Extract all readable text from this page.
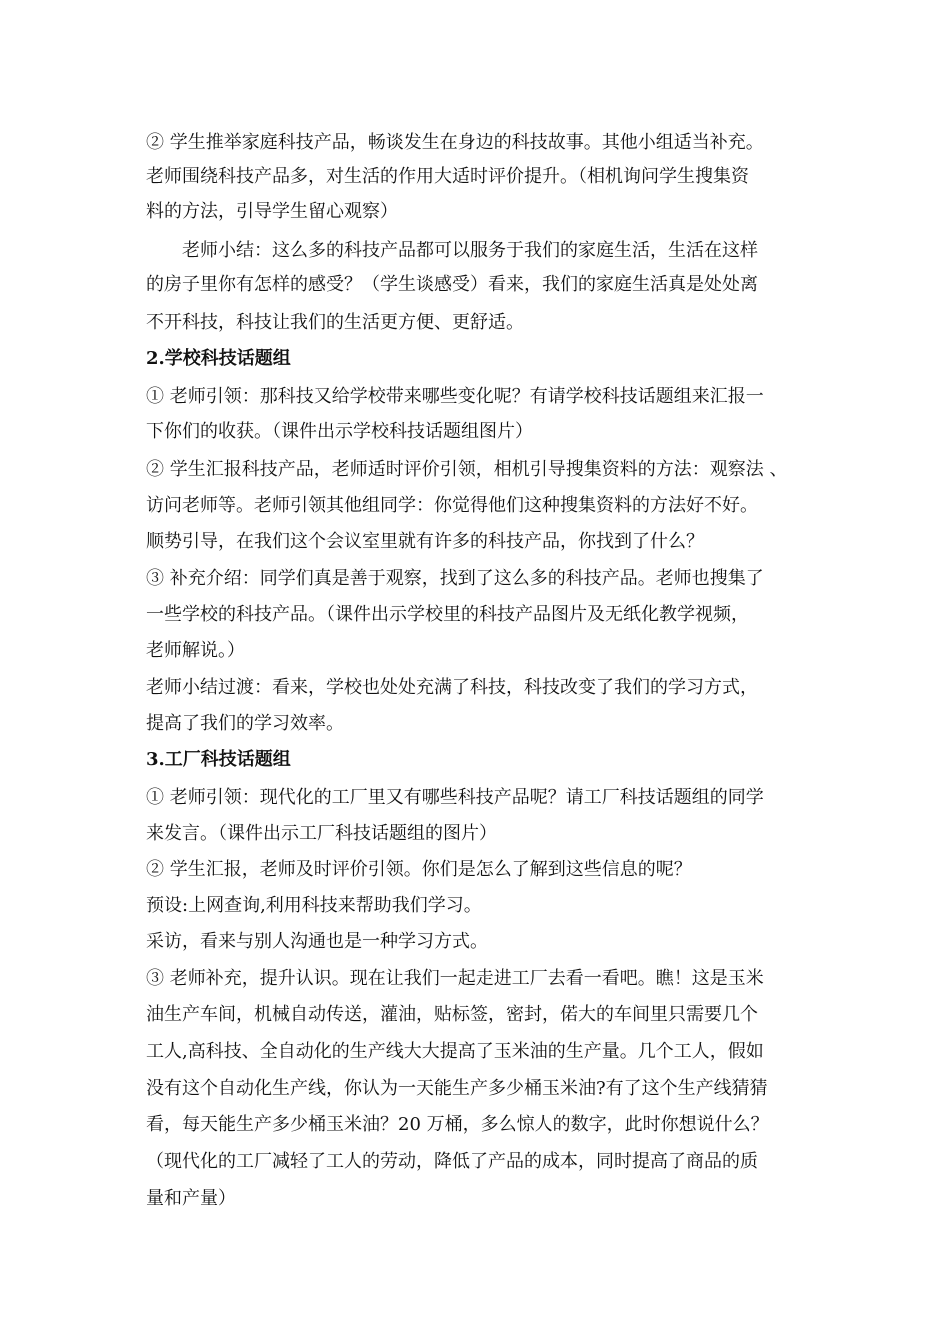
② 学生推举家庭科技产品，畅谈发生在身边的科技故事。其他小组适当补充。
老师围绕科技产品多，对生活的作用大适时评价提升。（相机询问学生搜集资
料的方法，引导学生留心观察）
　　老师小结：这么多的科技产品都可以服务于我们的家庭生活，生活在这样
的房子里你有怎样的感受？（学生谈感受）看来，我们的家庭生活真是处处离
不开科技，科技让我们的生活更方便、更舒适。
2.学校科技话题组
① 老师引领：那科技又给学校带来哪些变化呢？有请学校科技话题组来汇报一
下你们的收获。（课件出示学校科技话题组图片）
② 学生汇报科技产品，老师适时评价引领，相机引导搜集资料的方法：观察法 、
访问老师等。老师引领其他组同学：你觉得他们这种搜集资料的方法好不好。
顺势引导，在我们这个会议室里就有许多的科技产品，你找到了什么？
③ 补充介绍：同学们真是善于观察，找到了这么多的科技产品。老师也搜集了
一些学校的科技产品。（课件出示学校里的科技产品图片及无纸化教学视频，
老师解说。）
老师小结过渡：看来，学校也处处充满了科技，科技改变了我们的学习方式，
提高了我们的学习效率。
3.工厂科技话题组
① 老师引领：现代化的工厂里又有哪些科技产品呢？请工厂科技话题组的同学
来发言。（课件出示工厂科技话题组的图片）
② 学生汇报，老师及时评价引领。你们是怎么了解到这些信息的呢？
预设:上网查询,利用科技来帮助我们学习。
采访，看来与别人沟通也是一种学习方式。
③ 老师补充，提升认识。现在让我们一起走进工厂去看一看吧。瞧！这是玉米
油生产车间，机械自动传送，灌油，贴标签，密封，偌大的车间里只需要几个
工人,高科技、全自动化的生产线大大提高了玉米油的生产量。几个工人，假如
没有这个自动化生产线，你认为一天能生产多少桶玉米油?有了这个生产线猜猜
看，每天能生产多少桶玉米油？20 万桶，多么惊人的数字，此时你想说什么？
（现代化的工厂减轻了工人的劳动，降低了产品的成本，同时提高了商品的质
量和产量）
